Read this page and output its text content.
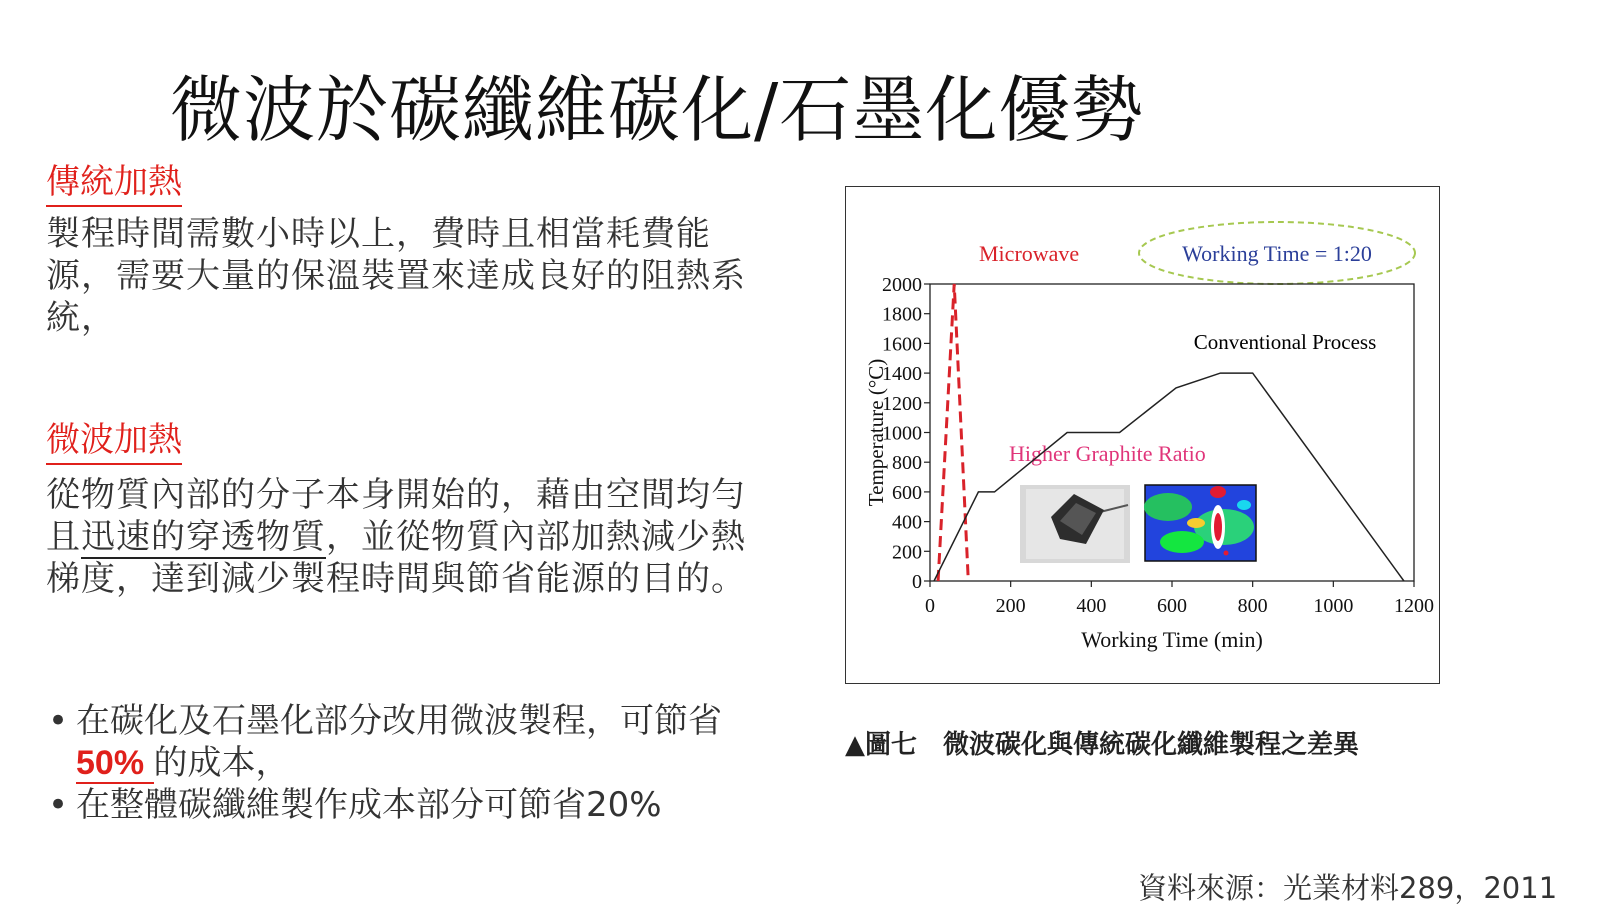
微波於碳纖維碳化/石墨化優勢
傳統加熱
製程時間需數小時以上，費時且相當耗費能源，需要大量的保溫裝置來達成良好的阻熱系統，
微波加熱
從物質內部的分子本身開始的，藉由空間均勻且迅速的穿透物質，並從物質內部加熱減少熱梯度，達到減少製程時間與節省能源的目的。
• 在碳化及石墨化部分改用微波製程，可節省 50% 的成本，
• 在整體碳纖維製作成本部分可節省20%
Microwave	Working Time = 1:20
Conventional Process
Higher Graphite Ratio
0
200
400
600
800
1000
1200
1400
1600
1800
2000
0	200	400	600	800 1000 1200
Working Time (min)
Temperature (°C)
▲圖七　微波碳化與傳統碳化纖維製程之差異
資料來源：光業材料289，2011
